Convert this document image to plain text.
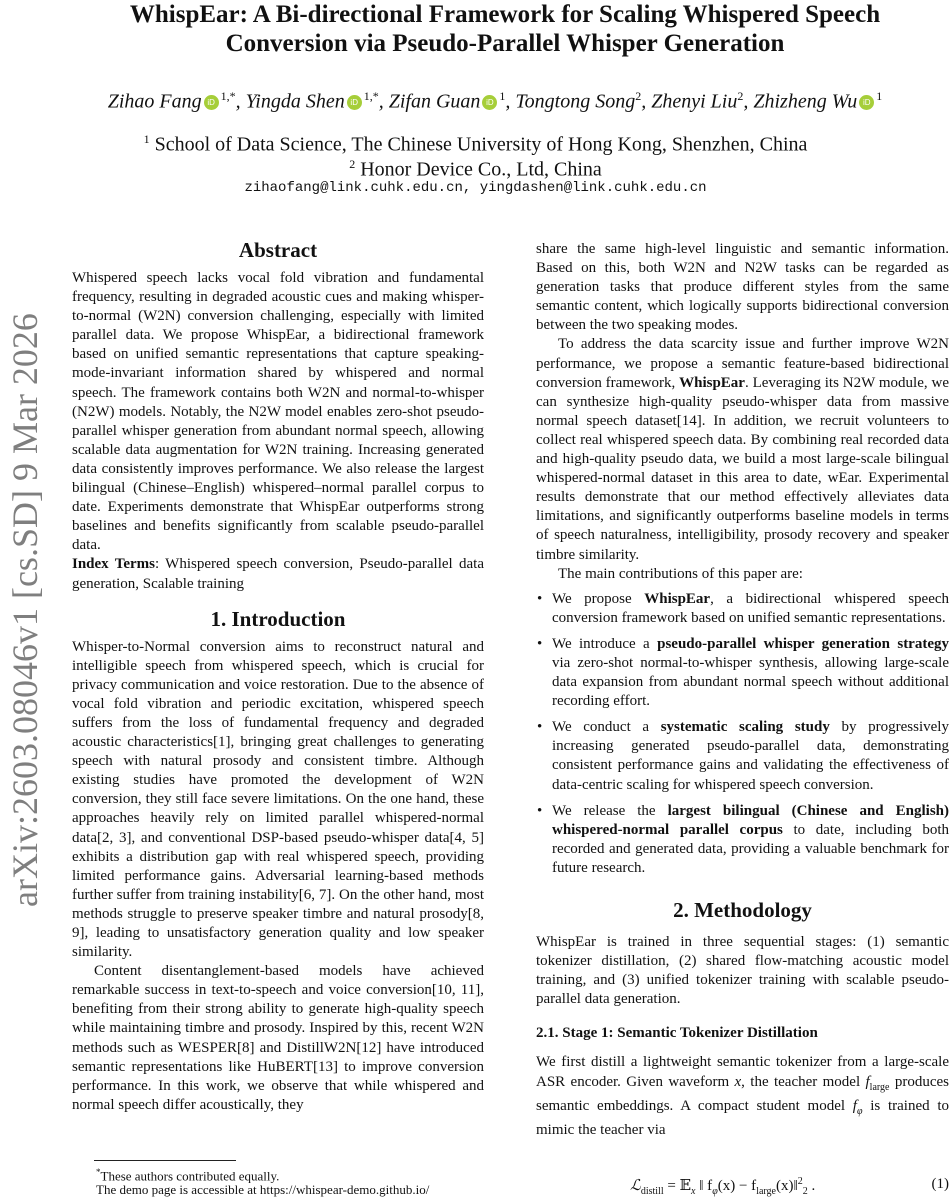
WhispEar: A Bi-directional Framework for Scaling Whispered Speech
Conversion via Pseudo-Parallel Whisper Generation
Zihao Fang iD $^{1,*}$, Yingda Shen iD $^{1,*}$, Zifan Guan iD $^1$, Tongtong Song$^2$, Zhenyi Liu$^2$, Zhizheng Wu iD $^1$
$^1$ School of Data Science, The Chinese University of Hong Kong, Shenzhen, China
$^2$ Honor Device Co., Ltd, China
zihaofang@link.cuhk.edu.cn, yingdashen@link.cuhk.edu.cn
arXiv:2603.08046v1 [cs.SD] 9 Mar 2026
Abstract

Whispered speech lacks vocal fold vibration and fundamental frequency, resulting in degraded acoustic cues and making whisper-to-normal (W2N) conversion challenging, especially with limited parallel data. We propose WhispEar, a bidirectional framework based on unified semantic representations that capture speaking-mode-invariant information shared by whispered and normal speech. The framework contains both W2N and normal-to-whisper (N2W) models. Notably, the N2W model enables zero-shot pseudo-parallel whisper generation from abundant normal speech, allowing scalable data augmentation for W2N training. Increasing generated data consistently improves performance. We also release the largest bilingual (Chinese–English) whispered–normal parallel corpus to date. Experiments demonstrate that WhispEar outperforms strong baselines and benefits significantly from scalable pseudo-parallel data.

Index Terms: Whispered speech conversion, Pseudo-parallel data generation, Scalable training

1. Introduction

Whisper-to-Normal conversion aims to reconstruct natural and intelligible speech from whispered speech, which is crucial for privacy communication and voice restoration. Due to the absence of vocal fold vibration and periodic excitation, whispered speech suffers from the loss of fundamental frequency and degraded acoustic characteristics[1], bringing great challenges to generating speech with natural prosody and consistent timbre. Although existing studies have promoted the development of W2N conversion, they still face severe limitations. On the one hand, these approaches heavily rely on limited parallel whispered-normal data[2, 3], and conventional DSP-based pseudo-whisper data[4, 5] exhibits a distribution gap with real whispered speech, providing limited performance gains. Adversarial learning-based methods further suffer from training instability[6, 7]. On the other hand, most methods struggle to preserve speaker timbre and natural prosody[8, 9], leading to unsatisfactory generation quality and low speaker similarity.

Content disentanglement-based models have achieved remarkable success in text-to-speech and voice conversion[10, 11], benefiting from their strong ability to generate high-quality speech while maintaining timbre and prosody. Inspired by this, recent W2N methods such as WESPER[8] and DistillW2N[12] have introduced semantic representations like HuBERT[13] to improve conversion performance. In this work, we observe that while whispered and normal speech differ acoustically, they

share the same high-level linguistic and semantic information. Based on this, both W2N and N2W tasks can be regarded as generation tasks that produce different styles from the same semantic content, which logically supports bidirectional conversion between the two speaking modes.

To address the data scarcity issue and further improve W2N performance, we propose a semantic feature-based bidirectional conversion framework, WhispEar. Leveraging its N2W module, we can synthesize high-quality pseudo-whisper data from massive normal speech dataset[14]. In addition, we recruit volunteers to collect real whispered speech data. By combining real recorded data and high-quality pseudo data, we build a most large-scale bilingual whispered-normal dataset in this area to date, wEar. Experimental results demonstrate that our method effectively alleviates data limitations, and significantly outperforms baseline models in terms of speech naturalness, intelligibility, prosody recovery and speaker timbre similarity.

The main contributions of this paper are:

• We propose WhispEar, a bidirectional whispered speech conversion framework based on unified semantic representations.
• We introduce a pseudo-parallel whisper generation strategy via zero-shot normal-to-whisper synthesis, allowing large-scale data expansion from abundant normal speech without additional recording effort.
• We conduct a systematic scaling study by progressively increasing generated pseudo-parallel data, demonstrating consistent performance gains and validating the effectiveness of data-centric scaling for whispered speech conversion.
• We release the largest bilingual (Chinese and English) whispered-normal parallel corpus to date, including both recorded and generated data, providing a valuable benchmark for future research.
2. Methodology

WhispEar is trained in three sequential stages: (1) semantic tokenizer distillation, (2) shared flow-matching acoustic model training, and (3) unified tokenizer training with scalable pseudo-parallel data generation.

2.1. Stage 1: Semantic Tokenizer Distillation

We first distill a lightweight semantic tokenizer from a large-scale ASR encoder. Given waveform x, the teacher model $f_{large}$ produces semantic embeddings. A compact student model $f_\varphi$ is trained to mimic the teacher via

ℒ$_{distill}$ = 𝔼$_x$ ‖ $f_\varphi(x)$ − $f_{large}(x)‖^2_2$ .	(1)
*These authors contributed equally.
The demo page is accessible at https://whispear-demo.github.io/
